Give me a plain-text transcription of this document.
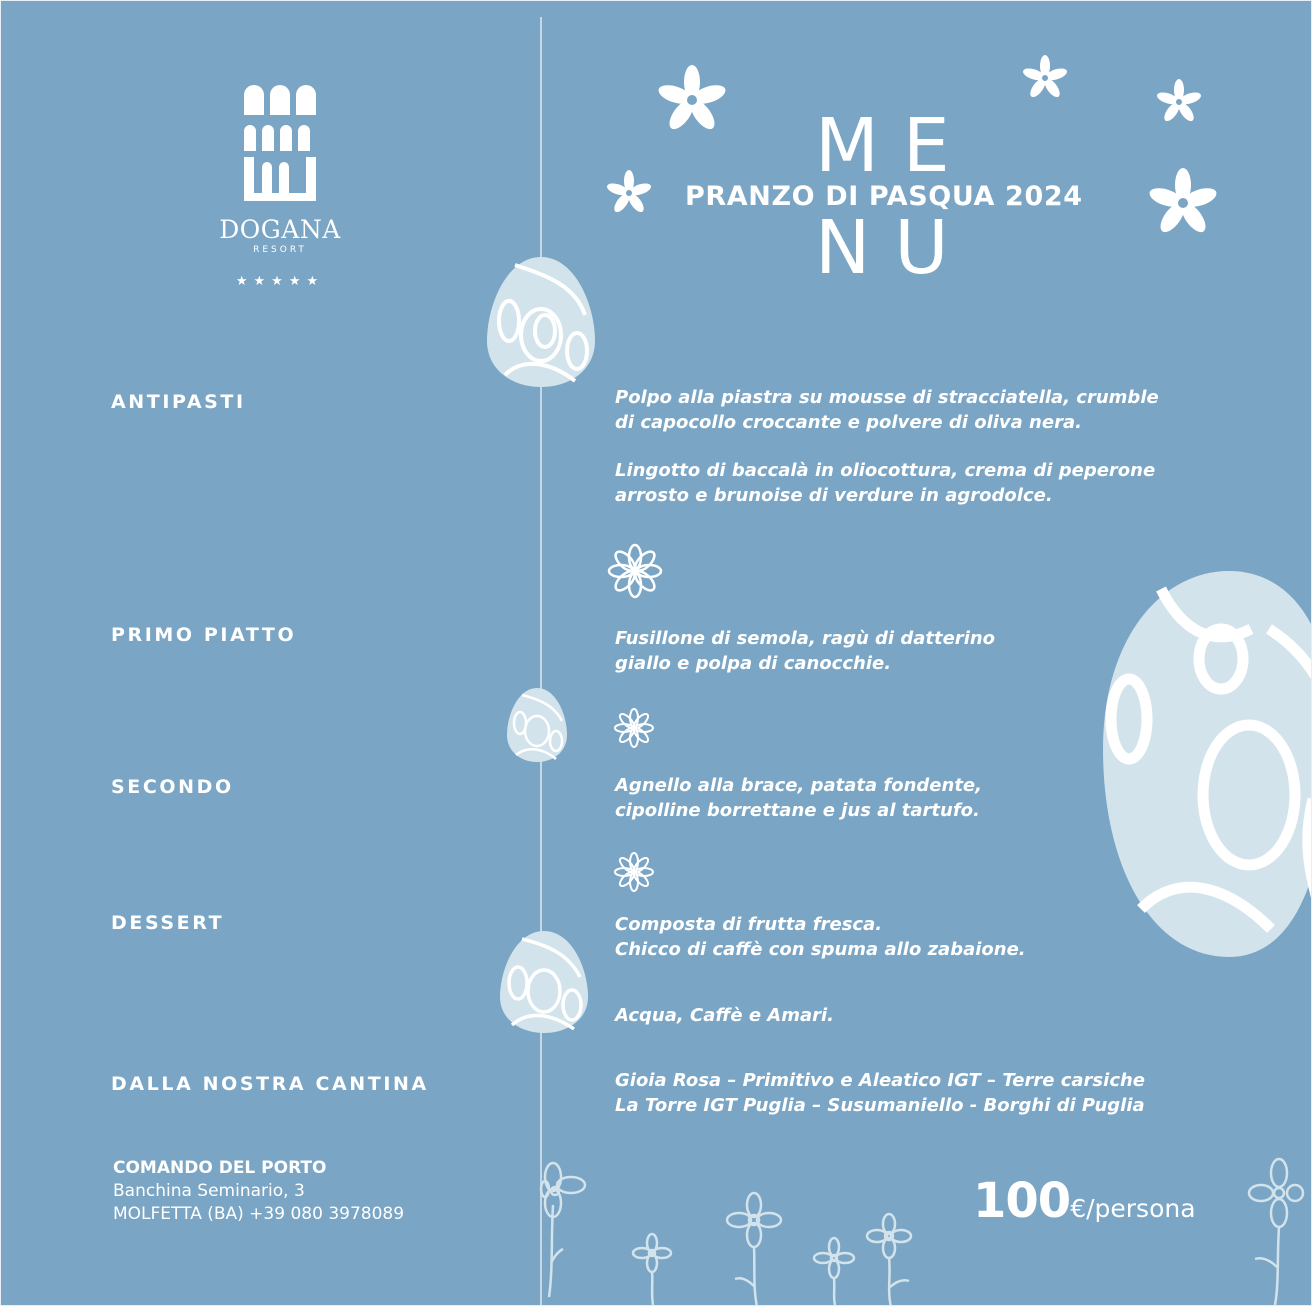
DOGANA
RESORT
★★★★★
ME
NU
PRANZO DI PASQUA 2024
ANTIPASTI
PRIMO PIATTO
SECONDO
DESSERT
DALLA NOSTRA CANTINA
Polpo alla piastra su mousse di stracciatella, crumble
di capocollo croccante e polvere di oliva nera.
Lingotto di baccalà in oliocottura, crema di peperone
arrosto e brunoise di verdure in agrodolce.
Fusillone di semola, ragù di datterino
giallo e polpa di canocchie.
Agnello alla brace, patata fondente,
cipolline borrettane e jus al tartufo.
Composta di frutta fresca.
Chicco di caffè con spuma allo zabaione.
Acqua, Caffè e Amari.
Gioia Rosa – Primitivo e Aleatico IGT – Terre carsiche
La Torre IGT Puglia – Susumaniello - Borghi di Puglia
COMANDO DEL PORTO
Banchina Seminario, 3
MOLFETTA (BA) +39 080 3978089	100€/persona
